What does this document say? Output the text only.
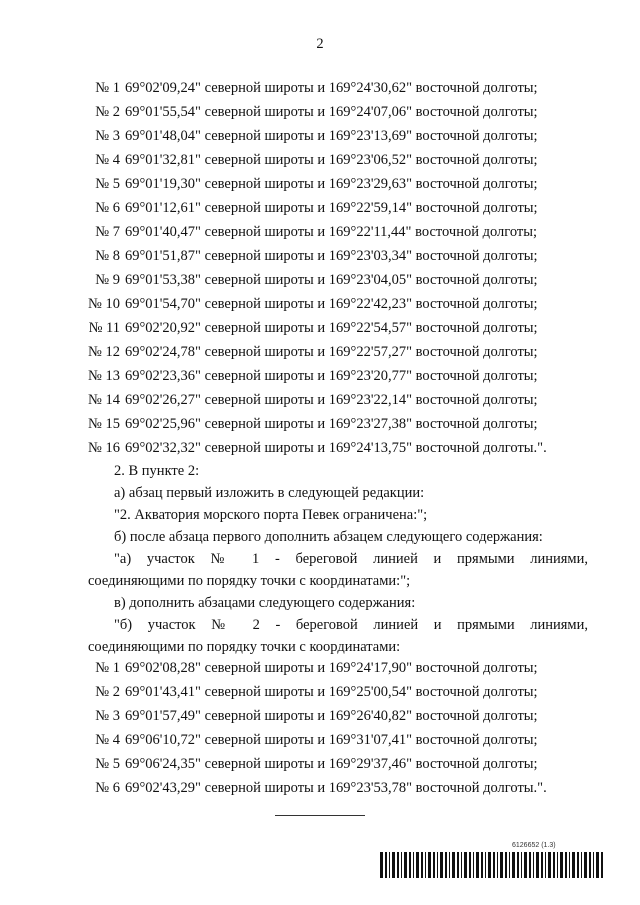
2
№ 1 69°02'09,24" северной широты и 169°24'30,62" восточной долготы;
№ 2 69°01'55,54" северной широты и 169°24'07,06" восточной долготы;
№ 3 69°01'48,04" северной широты и 169°23'13,69" восточной долготы;
№ 4 69°01'32,81" северной широты и 169°23'06,52" восточной долготы;
№ 5 69°01'19,30" северной широты и 169°23'29,63" восточной долготы;
№ 6 69°01'12,61" северной широты и 169°22'59,14" восточной долготы;
№ 7 69°01'40,47" северной широты и 169°22'11,44" восточной долготы;
№ 8 69°01'51,87" северной широты и 169°23'03,34" восточной долготы;
№ 9 69°01'53,38" северной широты и 169°23'04,05" восточной долготы;
№ 10 69°01'54,70" северной широты и 169°22'42,23" восточной долготы;
№ 11 69°02'20,92" северной широты и 169°22'54,57" восточной долготы;
№ 12 69°02'24,78" северной широты и 169°22'57,27" восточной долготы;
№ 13 69°02'23,36" северной широты и 169°23'20,77" восточной долготы;
№ 14 69°02'26,27" северной широты и 169°23'22,14" восточной долготы;
№ 15 69°02'25,96" северной широты и 169°23'27,38" восточной долготы;
№ 16 69°02'32,32" северной широты и 169°24'13,75" восточной долготы.".
2. В пункте 2:
а) абзац первый изложить в следующей редакции:
"2. Акватория морского порта Певек ограничена:";
б) после абзаца первого дополнить абзацем следующего содержания:
"а) участок № 1 - береговой линией и прямыми линиями,
соединяющими по порядку точки с координатами:";
в) дополнить абзацами следующего содержания:
"б) участок № 2 - береговой линией и прямыми линиями,
соединяющими по порядку точки с координатами:
№ 1 69°02'08,28" северной широты и 169°24'17,90" восточной долготы;
№ 2 69°01'43,41" северной широты и 169°25'00,54" восточной долготы;
№ 3 69°01'57,49" северной широты и 169°26'40,82" восточной долготы;
№ 4 69°06'10,72" северной широты и 169°31'07,41" восточной долготы;
№ 5 69°06'24,35" северной широты и 169°29'37,46" восточной долготы;
№ 6 69°02'43,29" северной широты и 169°23'53,78" восточной долготы.".
6126652 (1.3)
